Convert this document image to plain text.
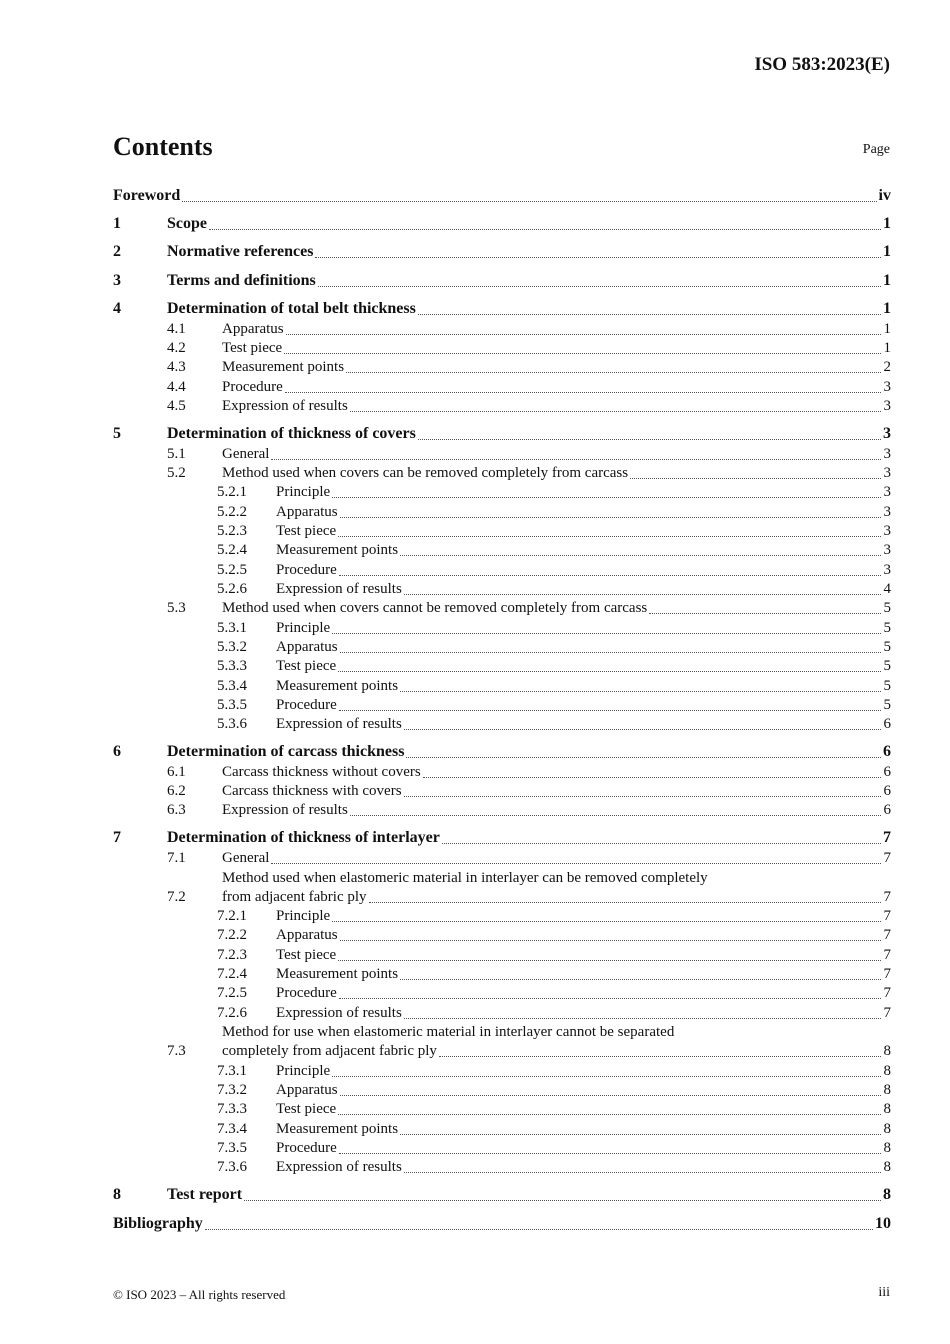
ISO 583:2023(E)
Contents	Page
© ISO 2023 – All rights reserved	iii
Foreword	iv
1	Scope	1
2	Normative references	1
3	Terms and definitions	1
4	Determination of total belt thickness	1
4.1 Apparatus	1
4.2 Test piece	1
4.3 Measurement points	2
4.4 Procedure	3
4.5 Expression of results	3
5	Determination of thickness of covers	3
5.1 General	3
5.2 Method used when covers can be removed completely from carcass	3
5.2.1 Principle	3
5.2.2 Apparatus	3
5.2.3 Test piece	3
5.2.4 Measurement points	3
5.2.5 Procedure	3
5.2.6 Expression of results	4
5.3 Method used when covers cannot be removed completely from carcass	5
5.3.1 Principle	5
5.3.2 Apparatus	5
5.3.3 Test piece	5
5.3.4 Measurement points	5
5.3.5 Procedure	5
5.3.6 Expression of results	6
6	Determination of carcass thickness	6
6.1 Carcass thickness without covers	6
6.2 Carcass thickness with covers	6
6.3 Expression of results	6
7	Determination of thickness of interlayer	7
7.1 General	7
7.2
Method used when elastomeric material in interlayer can be removed completely
from adjacent fabric ply	7
7.2.1 Principle	7
7.2.2 Apparatus	7
7.2.3 Test piece	7
7.2.4 Measurement points	7
7.2.5 Procedure	7
7.2.6 Expression of results	7
7.3
Method for use when elastomeric material in interlayer cannot be separated
completely from adjacent fabric ply	8
7.3.1 Principle	8
7.3.2 Apparatus	8
7.3.3 Test piece	8
7.3.4 Measurement points	8
7.3.5 Procedure	8
7.3.6 Expression of results	8
8	Test report	8
Bibliography	10
